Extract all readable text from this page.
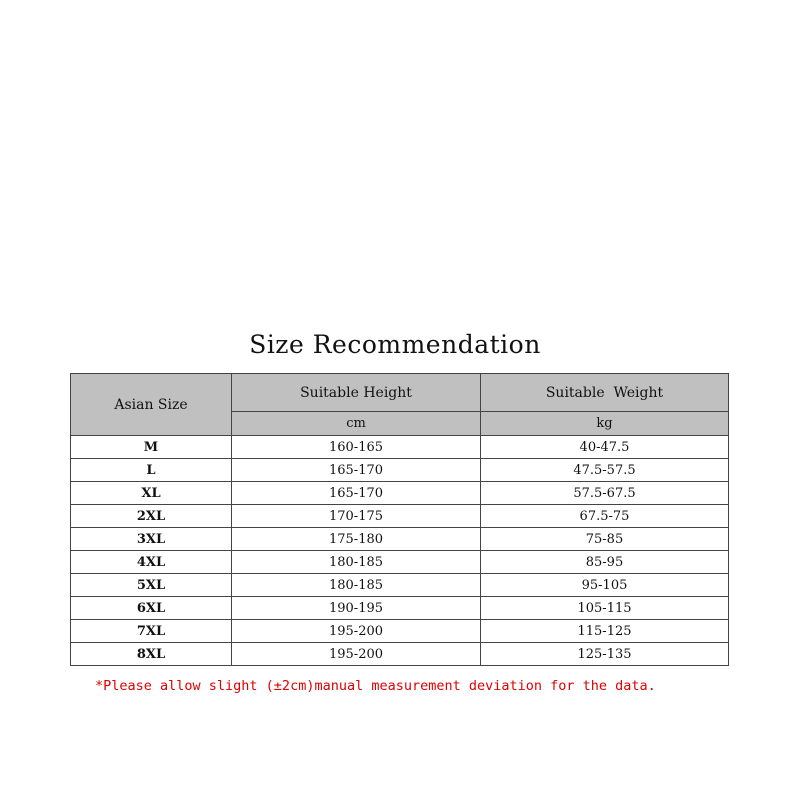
Size Recommendation
Asian Size	Suitable Height	Suitable  Weight
	cm	kg
M	160-165	40-47.5
L	165-170	47.5-57.5
XL	165-170	57.5-67.5
2XL	170-175	67.5-75
3XL	175-180	75-85
4XL	180-185	85-95
5XL	180-185	95-105
6XL	190-195	105-115
7XL	195-200	115-125
8XL	195-200	125-135
*Please allow slight (±2cm)manual measurement deviation for the data.
